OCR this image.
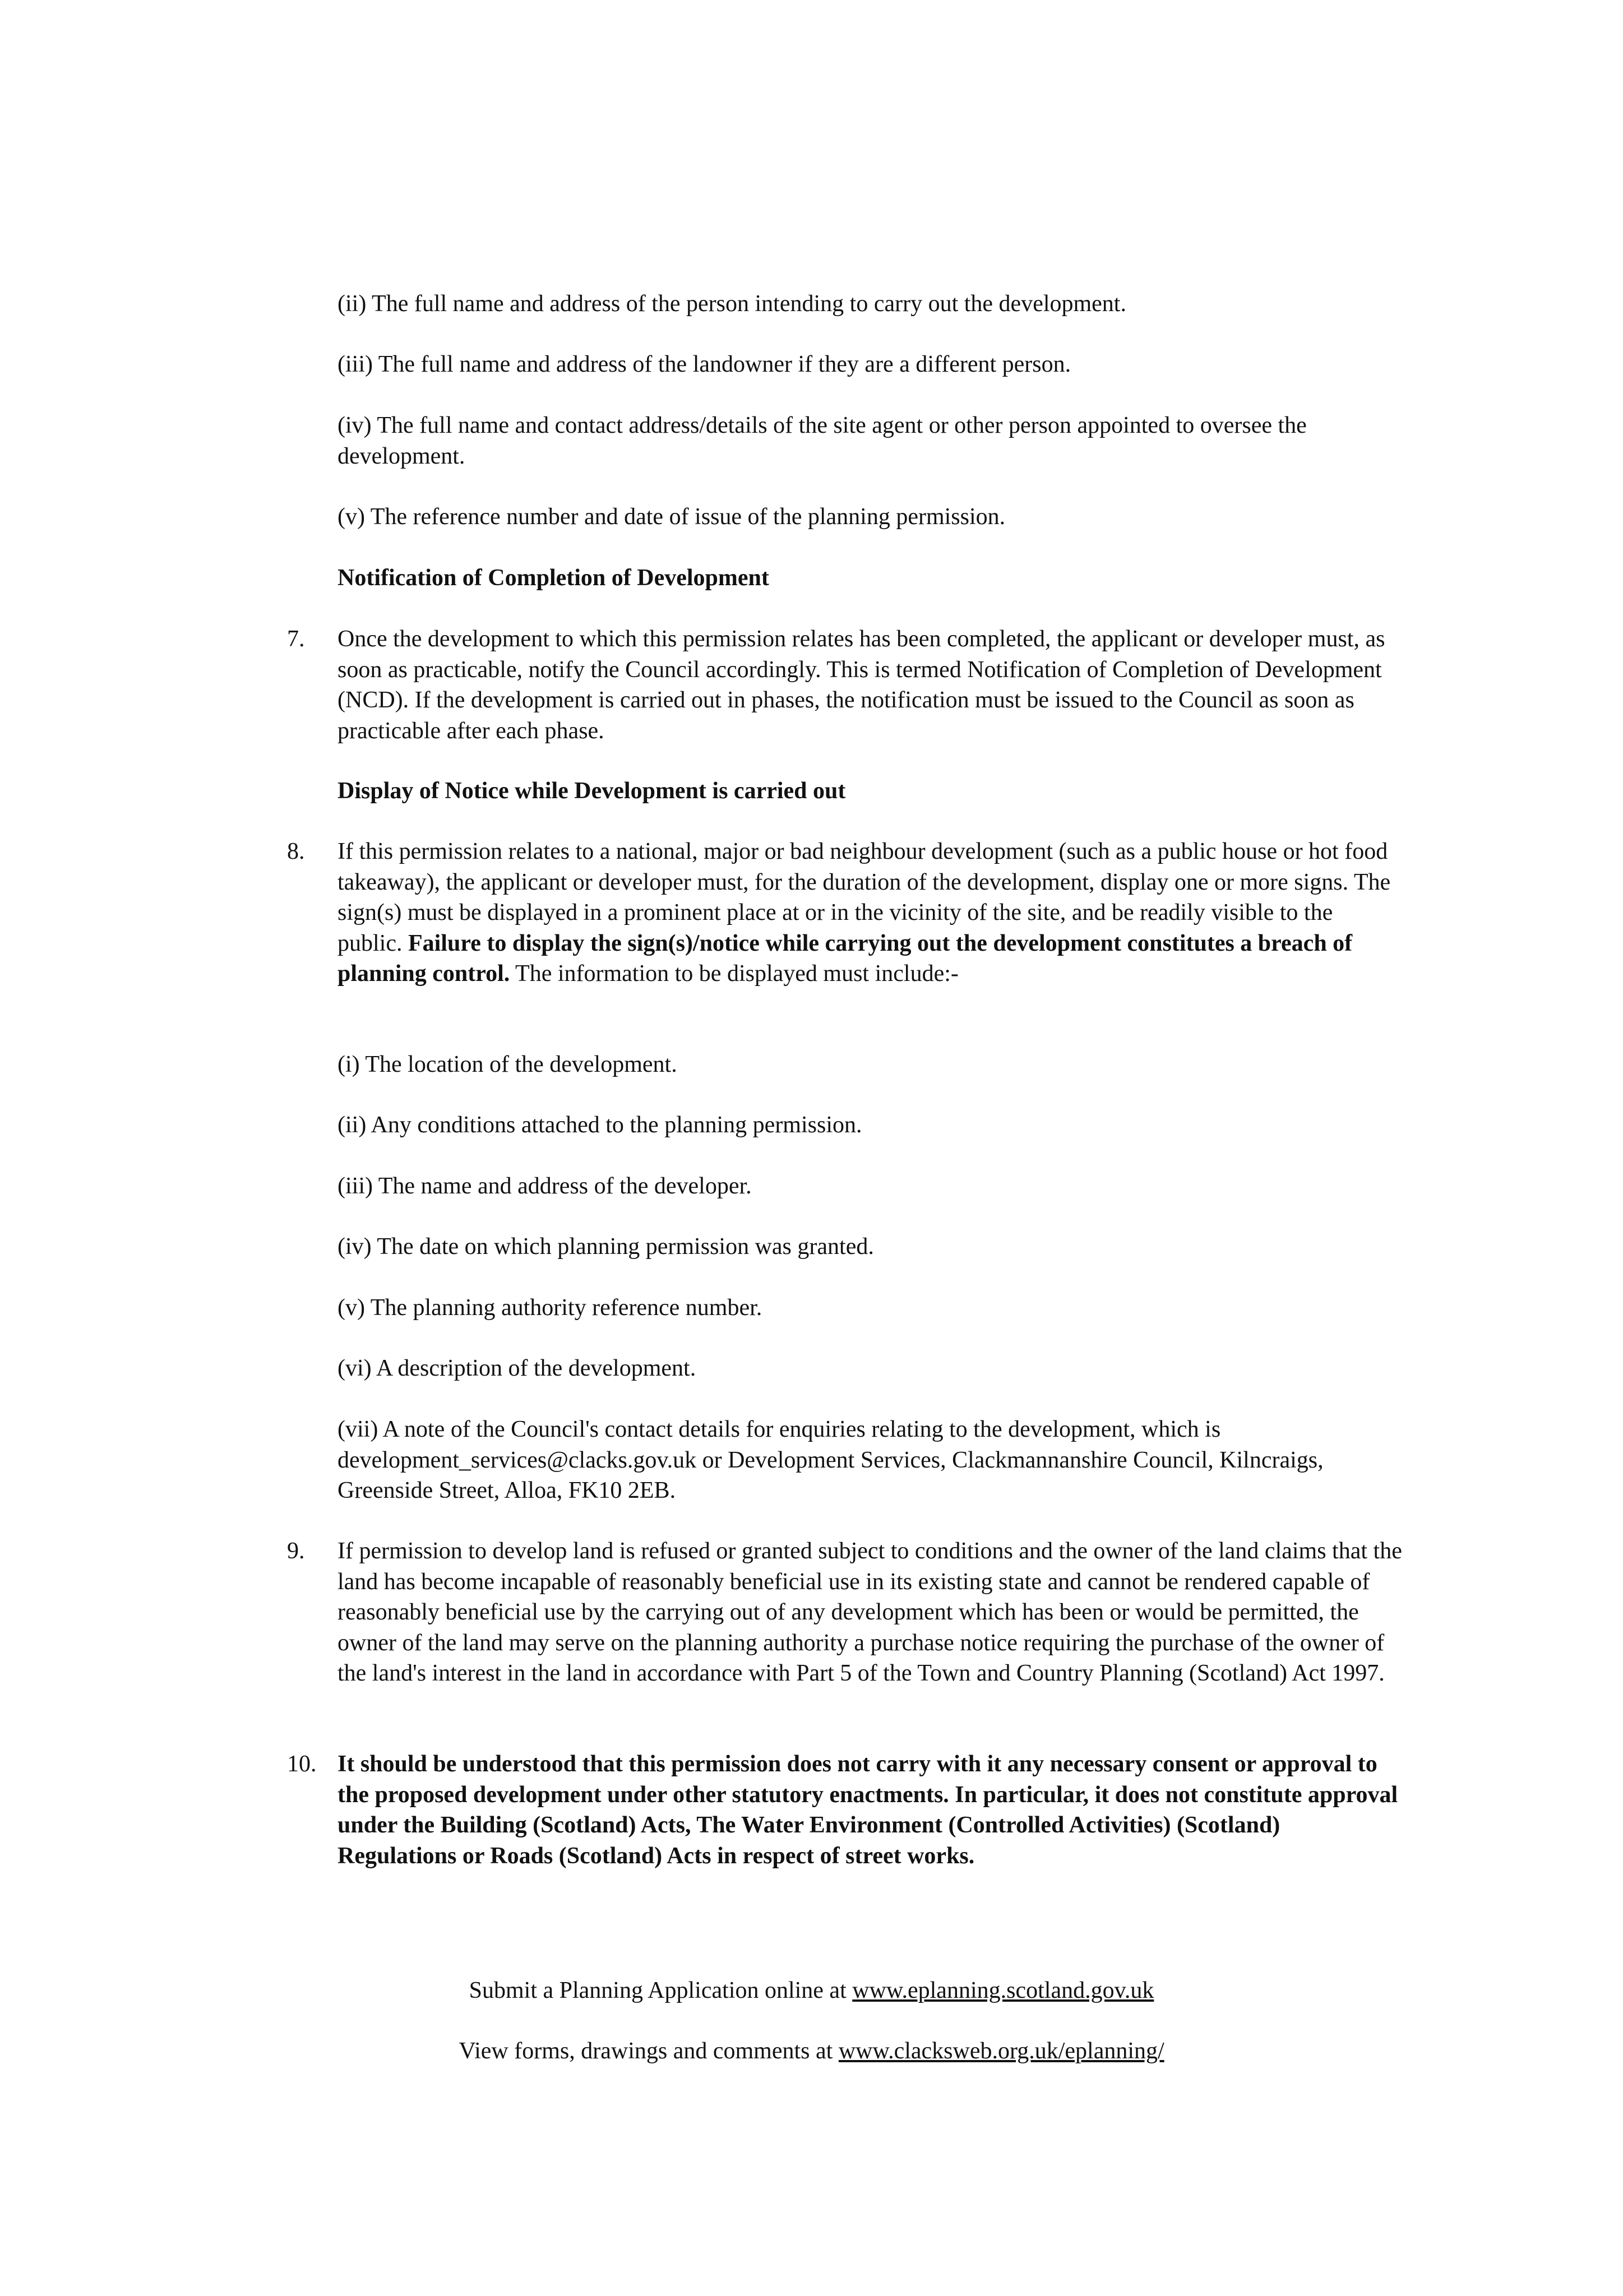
(ii) The full name and address of the person intending to carry out the development.

(iii) The full name and address of the landowner if they are a different person.

(iv) The full name and contact address/details of the site agent or other person appointed to oversee the development.

(v) The reference number and date of issue of the planning permission.

Notification of Completion of Development

7. Once the development to which this permission relates has been completed, the applicant or developer must, as soon as practicable, notify the Council accordingly. This is termed Notification of Completion of Development (NCD). If the development is carried out in phases, the notification must be issued to the Council as soon as practicable after each phase.

Display of Notice while Development is carried out

8. If this permission relates to a national, major or bad neighbour development (such as a public house or hot food takeaway), the applicant or developer must, for the duration of the development, display one or more signs. The sign(s) must be displayed in a prominent place at or in the vicinity of the site, and be readily visible to the public. Failure to display the sign(s)/notice while carrying out the development constitutes a breach of planning control. The information to be displayed must include:-

(i) The location of the development.

(ii) Any conditions attached to the planning permission.

(iii) The name and address of the developer.

(iv) The date on which planning permission was granted.

(v) The planning authority reference number.

(vi) A description of the development.

(vii) A note of the Council's contact details for enquiries relating to the development, which is development_services@clacks.gov.uk or Development Services, Clackmannanshire Council, Kilncraigs, Greenside Street, Alloa, FK10 2EB.

9. If permission to develop land is refused or granted subject to conditions and the owner of the land claims that the land has become incapable of reasonably beneficial use in its existing state and cannot be rendered capable of reasonably beneficial use by the carrying out of any development which has been or would be permitted, the owner of the land may serve on the planning authority a purchase notice requiring the purchase of the owner of the land's interest in the land in accordance with Part 5 of the Town and Country Planning (Scotland) Act 1997.

10. It should be understood that this permission does not carry with it any necessary consent or approval to the proposed development under other statutory enactments. In particular, it does not constitute approval under the Building (Scotland) Acts, The Water Environment (Controlled Activities) (Scotland) Regulations or Roads (Scotland) Acts in respect of street works.

Submit a Planning Application online at www.eplanning.scotland.gov.uk

View forms, drawings and comments at www.clacksweb.org.uk/eplanning/
